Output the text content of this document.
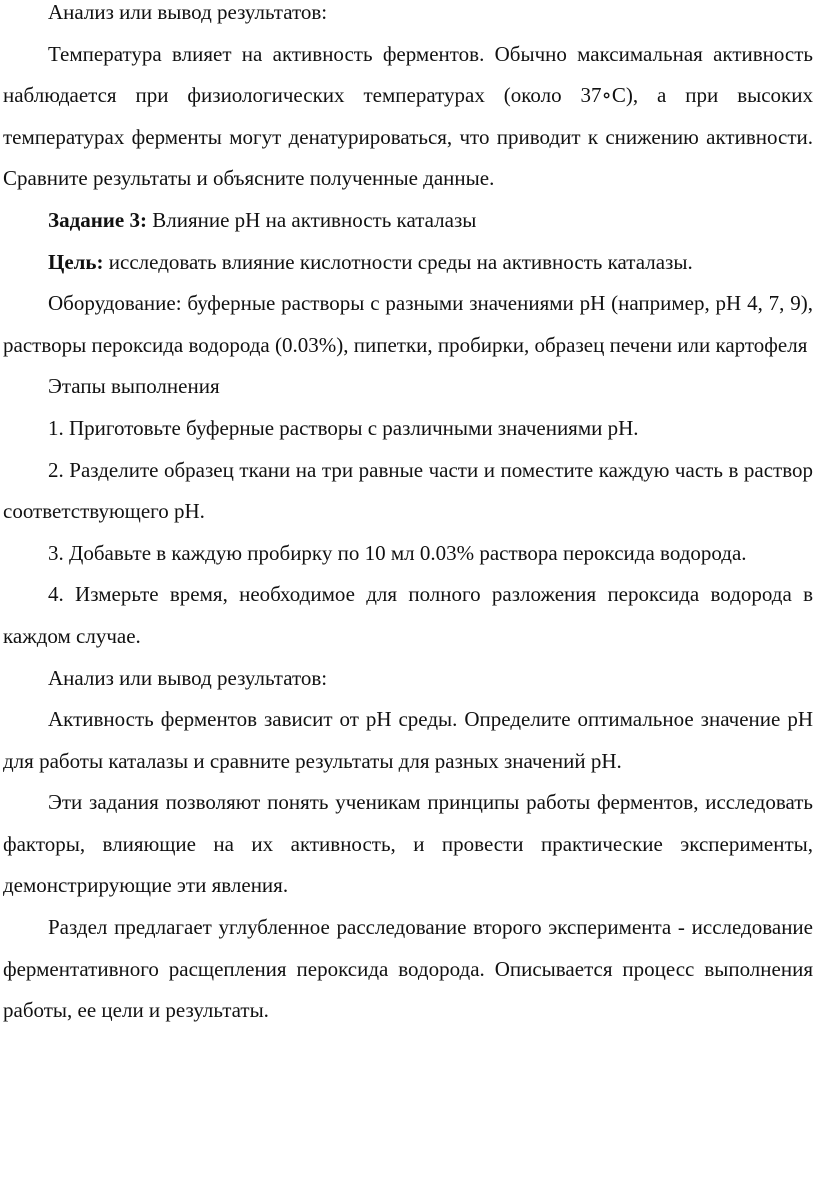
Анализ или вывод результатов:

Температура влияет на активность ферментов. Обычно максимальная активность наблюдается при физиологических температурах (около 37∘C), а при высоких температурах ферменты могут денатурироваться, что приводит к снижению активности. Сравните результаты и объясните полученные данные.

Задание 3: Влияние pH на активность каталазы

Цель: исследовать влияние кислотности среды на активность каталазы.

Оборудование: буферные растворы с разными значениями pH (например, pH 4, 7, 9), растворы пероксида водорода (0.03%), пипетки, пробирки, образец печени или картофеля

Этапы выполнения

1. Приготовьте буферные растворы с различными значениями pH.

2. Разделите образец ткани на три равные части и поместите каждую часть в раствор соответствующего pH.

3. Добавьте в каждую пробирку по 10 мл 0.03% раствора пероксида водорода.

4. Измерьте время, необходимое для полного разложения пероксида водорода в каждом случае.

Анализ или вывод результатов:

Активность ферментов зависит от pH среды. Определите оптимальное значение pH для работы каталазы и сравните результаты для разных значений pH.

Эти задания позволяют понять ученикам принципы работы ферментов, исследовать факторы, влияющие на их активность, и провести практические эксперименты, демонстрирующие эти явления.

Раздел предлагает углубленное расследование второго эксперимента - исследование ферментативного расщепления пероксида водорода. Описывается процесс выполнения работы, ее цели и результаты.
